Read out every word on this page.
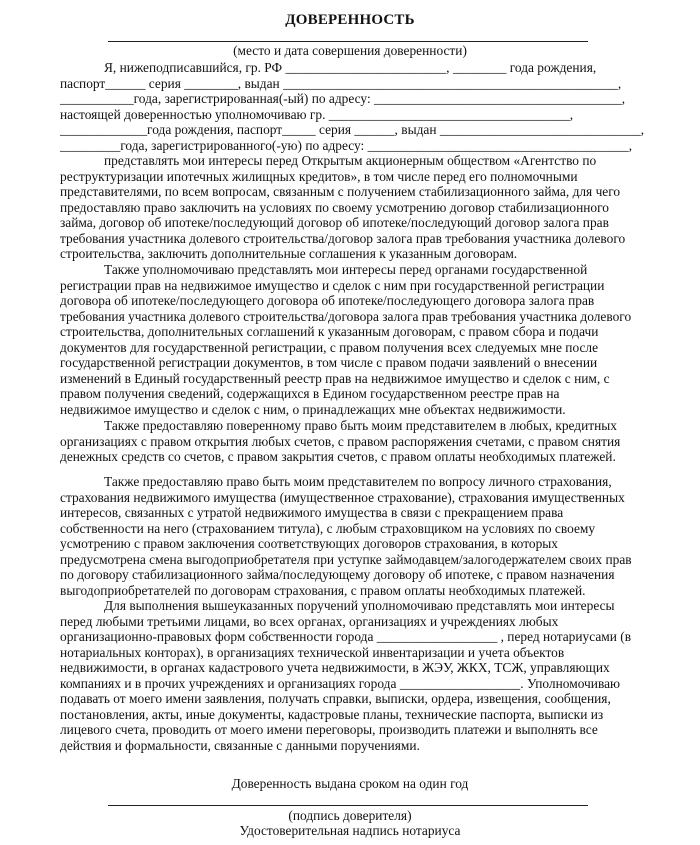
ДОВЕРЕННОСТЬ
(место и дата совершения доверенности)
Я, нижеподписавшийся, гр. РФ ________________________, ________ года рождения,
паспорт______ серия ________, выдан __________________________________________________,
___________года, зарегистрированная(-ый) по адресу: _____________________________________,
настоящей доверенностью уполномочиваю гр. ____________________________________,
_____________года рождения, паспорт_____ серия ______, выдан ______________________________,
_________года, зарегистрированного(-ую) по адресу: _______________________________________,

представлять мои интересы перед Открытым акционерным обществом «Агентство по реструктуризации ипотечных жилищных кредитов», в том числе перед его полномочными представителями, по всем вопросам, связанным с получением стабилизационного займа, для чего предоставляю право заключить на условиях по своему усмотрению договор стабилизационного займа, договор об ипотеке/последующий договор об ипотеке/последующий договор залога прав требования участника долевого строительства/договор залога прав требования участника долевого строительства, заключить дополнительные соглашения к указанным договорам.

Также уполномочиваю представлять мои интересы перед органами государственной регистрации прав на недвижимое имущество и сделок с ним при государственной регистрации договора об ипотеке/последующего договора об ипотеке/последующего договора залога прав требования участника долевого строительства/договора залога прав требования участника долевого строительства, дополнительных соглашений к указанным договорам, с правом сбора и подачи документов для государственной регистрации, с правом получения всех следуемых мне после государственной регистрации документов, в том числе с правом подачи заявлений о внесении изменений в Единый государственный реестр прав на недвижимое имущество и сделок с ним, с правом получения сведений, содержащихся в Едином государственном реестре прав на недвижимое имущество и сделок с ним, о принадлежащих мне объектах недвижимости.

Также предоставляю поверенному право быть моим представителем в любых, кредитных организациях с правом открытия любых счетов, с правом распоряжения счетами, с правом снятия денежных средств со счетов, с правом закрытия счетов, с правом оплаты необходимых платежей.

Также предоставляю право быть моим представителем по вопросу личного страхования, страхования недвижимого имущества (имущественное страхование), страхования имущественных интересов, связанных с утратой недвижимого имущества в связи с прекращением права собственности на него (страхованием титула), с любым страховщиком на условиях по своему усмотрению с правом заключения соответствующих договоров страхования, в которых предусмотрена смена выгодоприобретателя при уступке займодавцем/залогодержателем своих прав по договору стабилизационного займа/последующему договору об ипотеке, с правом назначения выгодоприобретателей по договорам страхования, с правом оплаты необходимых платежей.

Для выполнения вышеуказанных поручений уполномочиваю представлять мои интересы перед любыми третьими лицами, во всех органах, организациях и учреждениях любых организационно-правовых форм собственности города __________________ , перед нотариусами (в нотариальных конторах), в организациях технической инвентаризации и учета объектов недвижимости, в органах кадастрового учета недвижимости, в ЖЭУ, ЖКХ, ТСЖ, управляющих компаниях и в прочих учреждениях и организациях города __________________. Уполномочиваю подавать от моего имени заявления, получать справки, выписки, ордера, извещения, сообщения, постановления, акты, иные документы, кадастровые планы, технические паспорта, выписки из лицевого счета, проводить от моего имени переговоры, производить платежи и выполнять все действия и формальности, связанные с данными поручениями.

Доверенность выдана сроком на один год
(подпись доверителя)
Удостоверительная надпись нотариуса
